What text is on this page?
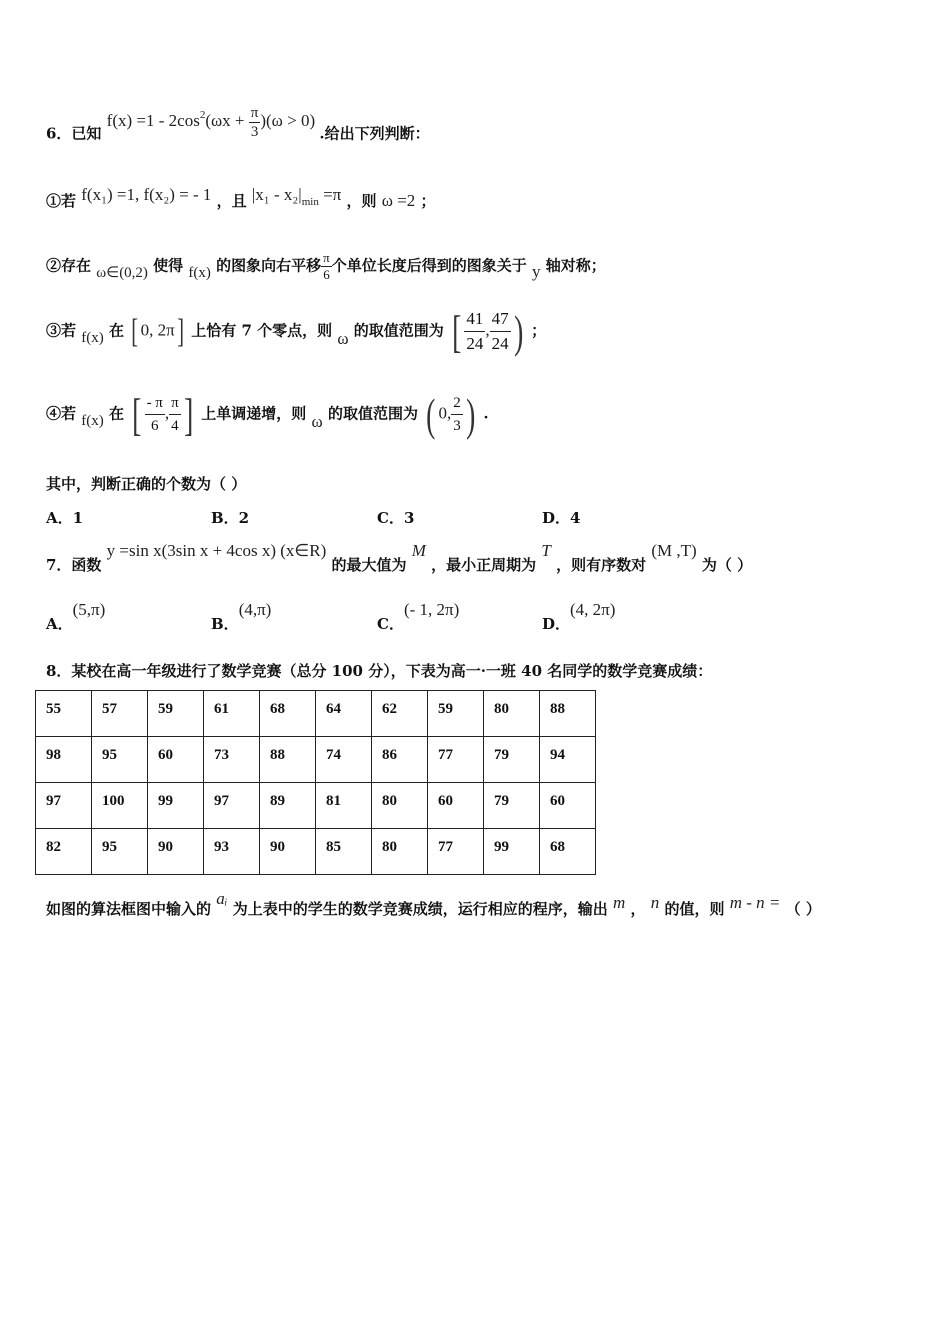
6．已知 $f(x) =1 - 2\cos^2(\omega x + \frac{\pi}{3} )(\omega > 0)$ .给出下列判断：
①若 f(x₁) =1, f(x₂) = - 1 ，且 $|x_1 - x_2|_{min} =\pi$ ，则 ω =2 ；
②存在 ω∈(0,2) 使得 f(x) 的图象向右平移 $\frac{\pi}{6}$ 个单位长度后得到的图象关于 y 轴对称；
③若 f(x) 在 [ 0, 2π] 上恰有 7 个零点，则 ω 的取值范围为 [ $\frac{41}{24}$ , $\frac{47}{24}$ ) ；
④若 f(x) 在 [ $\frac{- \pi}{6}$ , $\frac{\pi}{4}$ ] 上单调递增，则 ω 的取值范围为 ( 0, $\frac{2}{3}$ ) .
其中，判断正确的个数为（ ）
A．1	B．2	C．3	D．4
7．函数 y =sin x(3sin x + 4cos x) (x∈R) 的最大值为 M ，最小正周期为 T ，则有序数对 (M ,T) 为（ ）
A．(5,π)
B．(4,π)
C．(- 1, 2π)
D．(4, 2π)
8．某校在高一年级进行了数学竞赛（总分 100 分），下表为高一·一班 40 名同学的数学竞赛成绩：
55	57	59	61	68	64	62	59	80	88
98	95	60	73	88	74	86	77	79	94
97	100	99	97	89	81	80	60	79	60
82	95	90	93	90	85	80	77	99	68
如图的算法框图中输入的 aᵢ 为上表中的学生的数学竞赛成绩，运行相应的程序，输出 m ， n 的值，则 m - n = （ ）
